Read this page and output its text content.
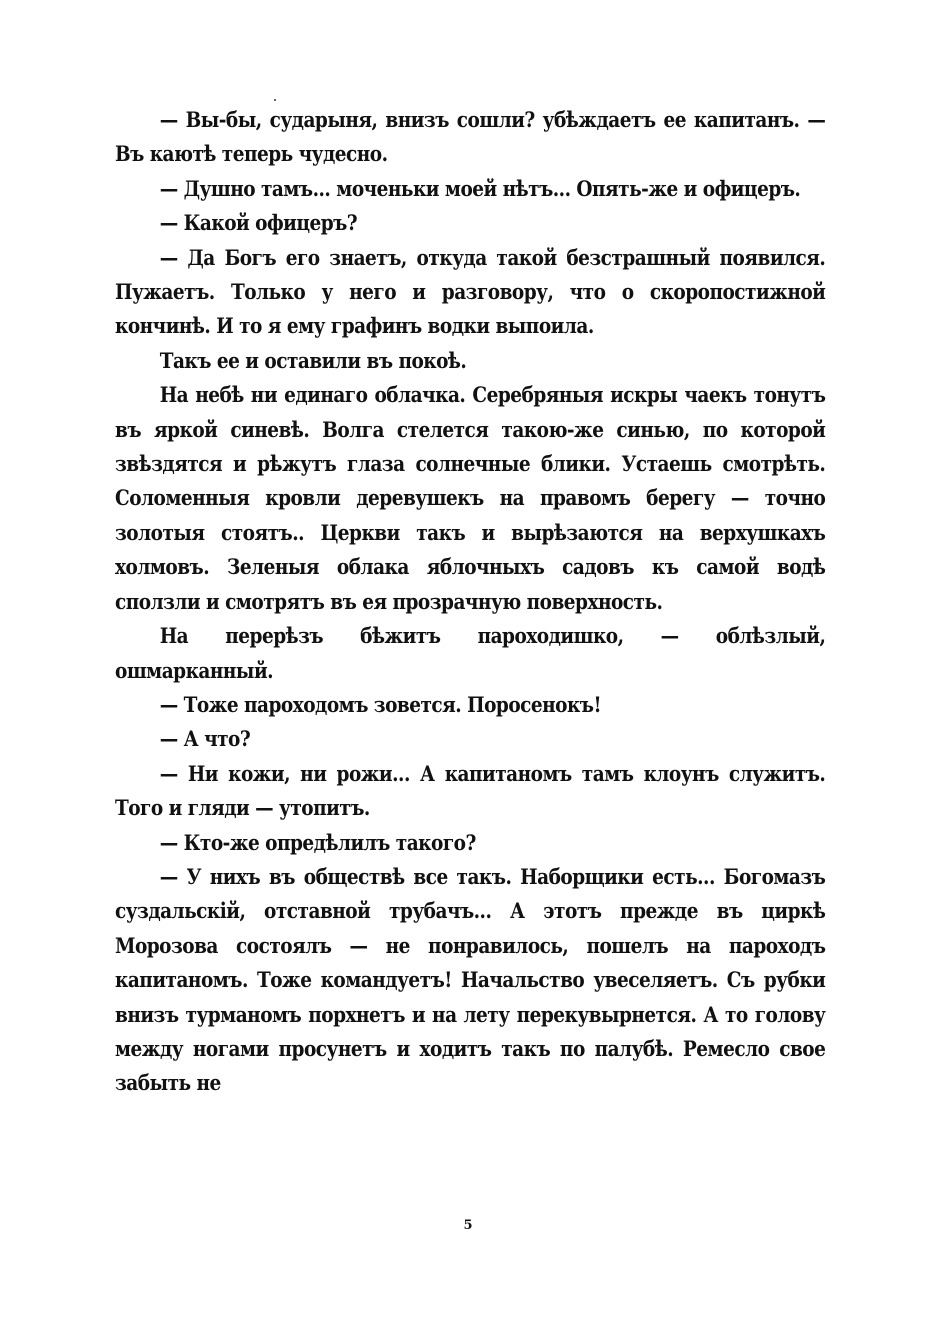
— Вы-бы, сударыня, внизъ сошли? убѣждаетъ ее капитанъ. — Въ каютѣ теперь чудесно.

— Душно тамъ... моченьки моей нѣтъ... Опять-же и офицеръ.

— Какой офицеръ?

— Да Богъ его знаетъ, откуда такой безстрашный появился. Пужаетъ. Только у него и разговору, что о скоропостижной кончинѣ. И то я ему графинъ водки выпоила.

Такъ ее и оставили въ покоѣ.

На небѣ ни единаго облачка. Серебряныя искры чаекъ тонутъ въ яркой синевѣ. Волга стелется такою-же синью, по которой звѣздятся и рѣжутъ глаза солнечные блики. Устаешь смотрѣть. Соломенныя кровли деревушекъ на правомъ берегу — точно золотыя стоятъ.. Церкви такъ и вырѣзаются на верхушкахъ холмовъ. Зеленыя облака яблочныхъ садовъ къ самой водѣ сползли и смотрятъ въ ея прозрачную поверхность.

На перерѣзъ бѣжитъ пароходишко, — облѣзлый, ошмарканный.

— Тоже пароходомъ зовется. Поросенокъ!

— А что?

— Ни кожи, ни рожи... А капитаномъ тамъ клоунъ служитъ. Того и гляди — утопитъ.

— Кто-же опредѣлилъ такого?

— У нихъ въ обществѣ все такъ. Наборщики есть... Богомазъ суздальскій, отставной трубачъ... А этотъ прежде въ циркѣ Морозова состоялъ — не понравилось, пошелъ на пароходъ капитаномъ. Тоже командуетъ! Начальство увеселяетъ. Съ рубки внизъ турманомъ порхнетъ и на лету перекувырнется. А то голову между ногами просунетъ и ходитъ такъ по палубѣ. Ремесло свое забыть не

5
